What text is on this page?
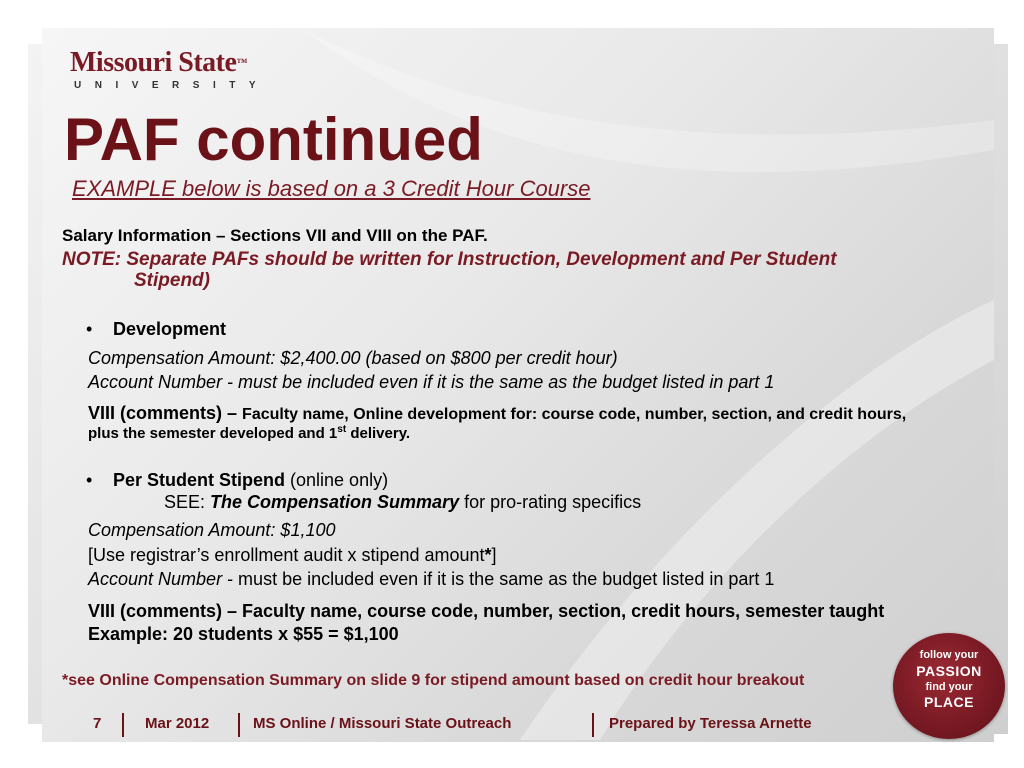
Missouri State™
UNIVERSITY
PAF continued
EXAMPLE below is based on a 3 Credit Hour Course
Salary Information – Sections VII and VIII on the PAF.
NOTE: Separate PAFs should be written for Instruction, Development and Per Student
Stipend)
• Development
Compensation Amount: $2,400.00 (based on $800 per credit hour)
Account Number - must be included even if it is the same as the budget listed in part 1
VIII (comments) – Faculty name, Online development for: course code, number, section, and credit hours,
plus the semester developed and 1st delivery.
• Per Student Stipend (online only)
SEE: The Compensation Summary for pro-rating specifics
Compensation Amount: $1,100
[Use registrar’s enrollment audit x stipend amount*]
Account Number - must be included even if it is the same as the budget listed in part 1
VIII (comments) – Faculty name, course code, number, section, credit hours, semester taught
Example: 20 students x $55 = $1,100
*see Online Compensation Summary on slide 9 for stipend amount based on credit hour breakout
7	Mar 2012	MS Online / Missouri State Outreach	Prepared by Teressa Arnette
follow your
PASSION
find your
PLACE
